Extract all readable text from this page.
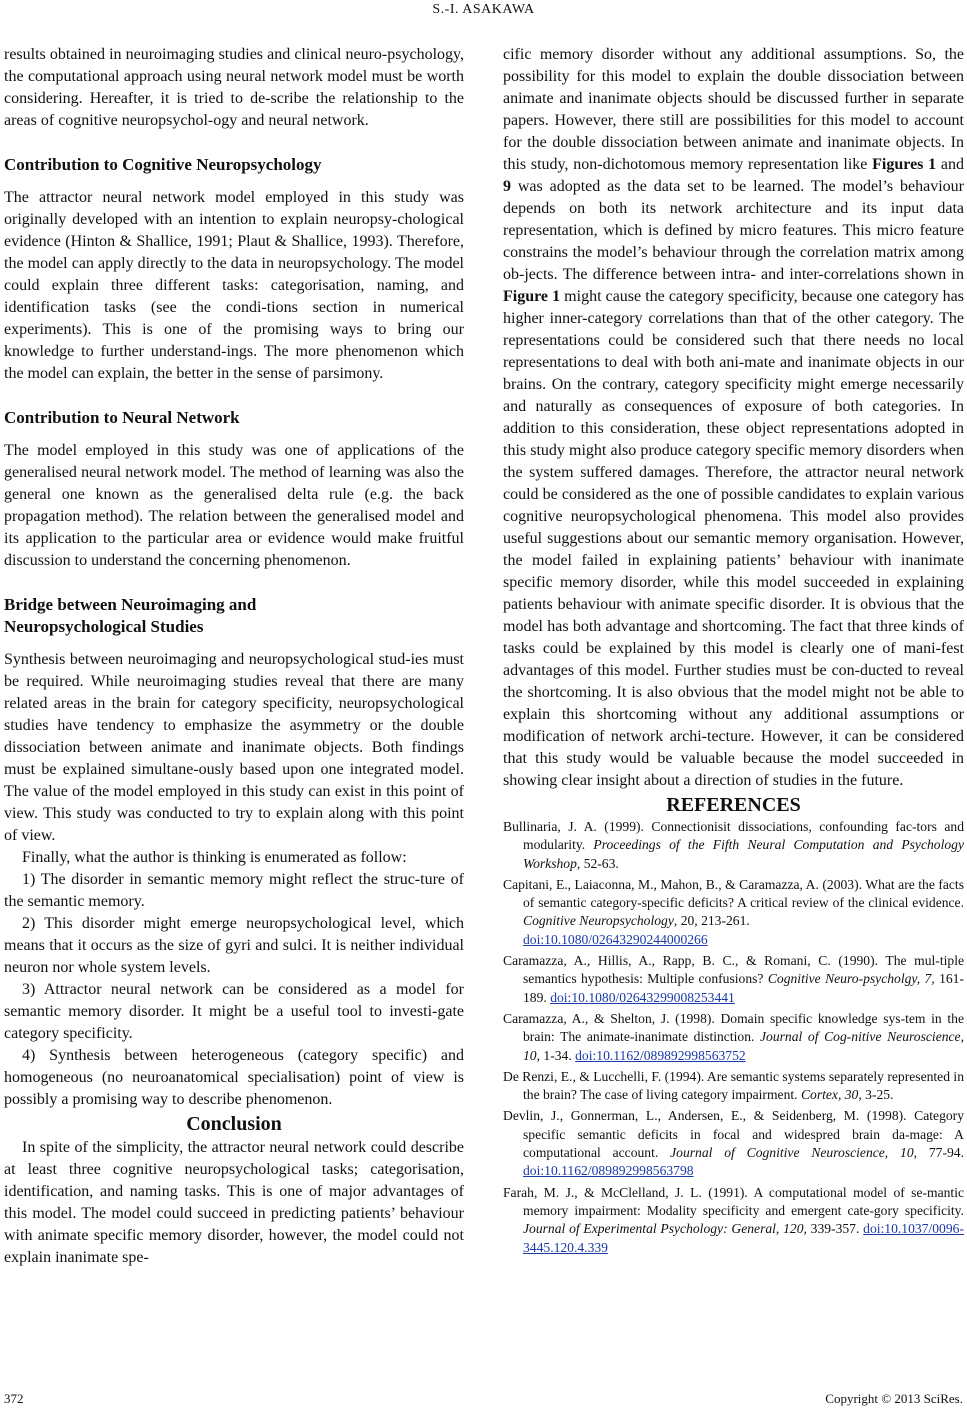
S.-I. ASAKAWA

results obtained in neuroimaging studies and clinical neuro-psychology, the computational approach using neural network model must be worth considering. Hereafter, it is tried to de-scribe the relationship to the areas of cognitive neuropsychol-ogy and neural network.

Contribution to Cognitive Neuropsychology

The attractor neural network model employed in this study was originally developed with an intention to explain neuropsy-chological evidence (Hinton & Shallice, 1991; Plaut & Shallice, 1993). Therefore, the model can apply directly to the data in neuropsychology. The model could explain three different tasks: categorisation, naming, and identification tasks (see the condi-tions section in numerical experiments). This is one of the promising ways to bring our knowledge to further understand-ings. The more phenomenon which the model can explain, the better in the sense of parsimony.

Contribution to Neural Network

The model employed in this study was one of applications of the generalised neural network model. The method of learning was also the general one known as the generalised delta rule (e.g. the back propagation method). The relation between the generalised model and its application to the particular area or evidence would make fruitful discussion to understand the concerning phenomenon.

Bridge between Neuroimaging and
Neuropsychological Studies

Synthesis between neuroimaging and neuropsychological stud-ies must be required. While neuroimaging studies reveal that there are many related areas in the brain for category specificity, neuropsychological studies have tendency to emphasize the asymmetry or the double dissociation between animate and inanimate objects. Both findings must be explained simultane-ously based upon one integrated model. The value of the model employed in this study can exist in this point of view. This study was conducted to try to explain along with this point of view.

Finally, what the author is thinking is enumerated as follow:

1) The disorder in semantic memory might reflect the struc-ture of the semantic memory.

2) This disorder might emerge neuropsychological level, which means that it occurs as the size of gyri and sulci. It is neither individual neuron nor whole system levels.

3) Attractor neural network can be considered as a model for semantic memory disorder. It might be a useful tool to investi-gate category specificity.

4) Synthesis between heterogeneous (category specific) and homogeneous (no neuroanatomical specialisation) point of view is possibly a promising way to describe phenomenon.

Conclusion

In spite of the simplicity, the attractor neural network could describe at least three cognitive neuropsychological tasks; categorisation, identification, and naming tasks. This is one of major advantages of this model. The model could succeed in predicting patients’ behaviour with animate specific memory disorder, however, the model could not explain inanimate spe-

cific memory disorder without any additional assumptions. So, the possibility for this model to explain the double dissociation between animate and inanimate objects should be discussed further in separate papers. However, there still are possibilities for this model to account for the double dissociation between animate and inanimate objects. In this study, non-dichotomous memory representation like Figures 1 and 9 was adopted as the data set to be learned. The model’s behaviour depends on both its network architecture and its input data representation, which is defined by micro features. This micro feature constrains the model’s behaviour through the correlation matrix among ob-jects. The difference between intra- and inter-correlations shown in Figure 1 might cause the category specificity, because one category has higher inner-category correlations than that of the other category. The representations could be considered such that there needs no local representations to deal with both ani-mate and inanimate objects in our brains. On the contrary, category specificity might emerge necessarily and naturally as consequences of exposure of both categories. In addition to this consideration, these object representations adopted in this study might also produce category specific memory disorders when the system suffered damages. Therefore, the attractor neural network could be considered as the one of possible candidates to explain various cognitive neuropsychological phenomena. This model also provides useful suggestions about our semantic memory organisation. However, the model failed in explaining patients’ behaviour with inanimate specific memory disorder, while this model succeeded in explaining patients behaviour with animate specific disorder. It is obvious that the model has both advantage and shortcoming. The fact that three kinds of tasks could be explained by this model is clearly one of mani-fest advantages of this model. Further studies must be con-ducted to reveal the shortcoming. It is also obvious that the model might not be able to explain this shortcoming without any additional assumptions or modification of network archi-tecture. However, it can be considered that this study would be valuable because the model succeeded in showing clear insight about a direction of studies in the future.

REFERENCES
Bullinaria, J. A. (1999). Connectionisit dissociations, confounding fac-tors and modularity. Proceedings of the Fifth Neural Computation and Psychology Workshop, 52-63.
Capitani, E., Laiaconna, M., Mahon, B., & Caramazza, A. (2003). What are the facts of semantic category-specific deficits? A critical review of the clinical evidence. Cognitive Neuropsychology, 20, 213-261.
doi:10.1080/02643290244000266
Caramazza, A., Hillis, A., Rapp, B. C., & Romani, C. (1990). The mul-tiple semantics hypothesis: Multiple confusions? Cognitive Neuro-psycholgy, 7, 161-189. doi:10.1080/02643299008253441
Caramazza, A., & Shelton, J. (1998). Domain specific knowledge sys-tem in the brain: The animate-inanimate distinction. Journal of Cog-nitive Neuroscience, 10, 1-34. doi:10.1162/089892998563752
De Renzi, E., & Lucchelli, F. (1994). Are semantic systems separately represented in the brain? The case of living category impairment. Cortex, 30, 3-25.
Devlin, J., Gonnerman, L., Andersen, E., & Seidenberg, M. (1998). Category specific semantic deficits in focal and widespred brain da-mage: A computational account. Journal of Cognitive Neuroscience, 10, 77-94. doi:10.1162/089892998563798
Farah, M. J., & McClelland, J. L. (1991). A computational model of se-mantic memory impairment: Modality specificity and emergent cate-gory specificity. Journal of Experimental Psychology: General, 120, 339-357. doi:10.1037/0096-3445.120.4.339
372	Copyright © 2013 SciRes.
